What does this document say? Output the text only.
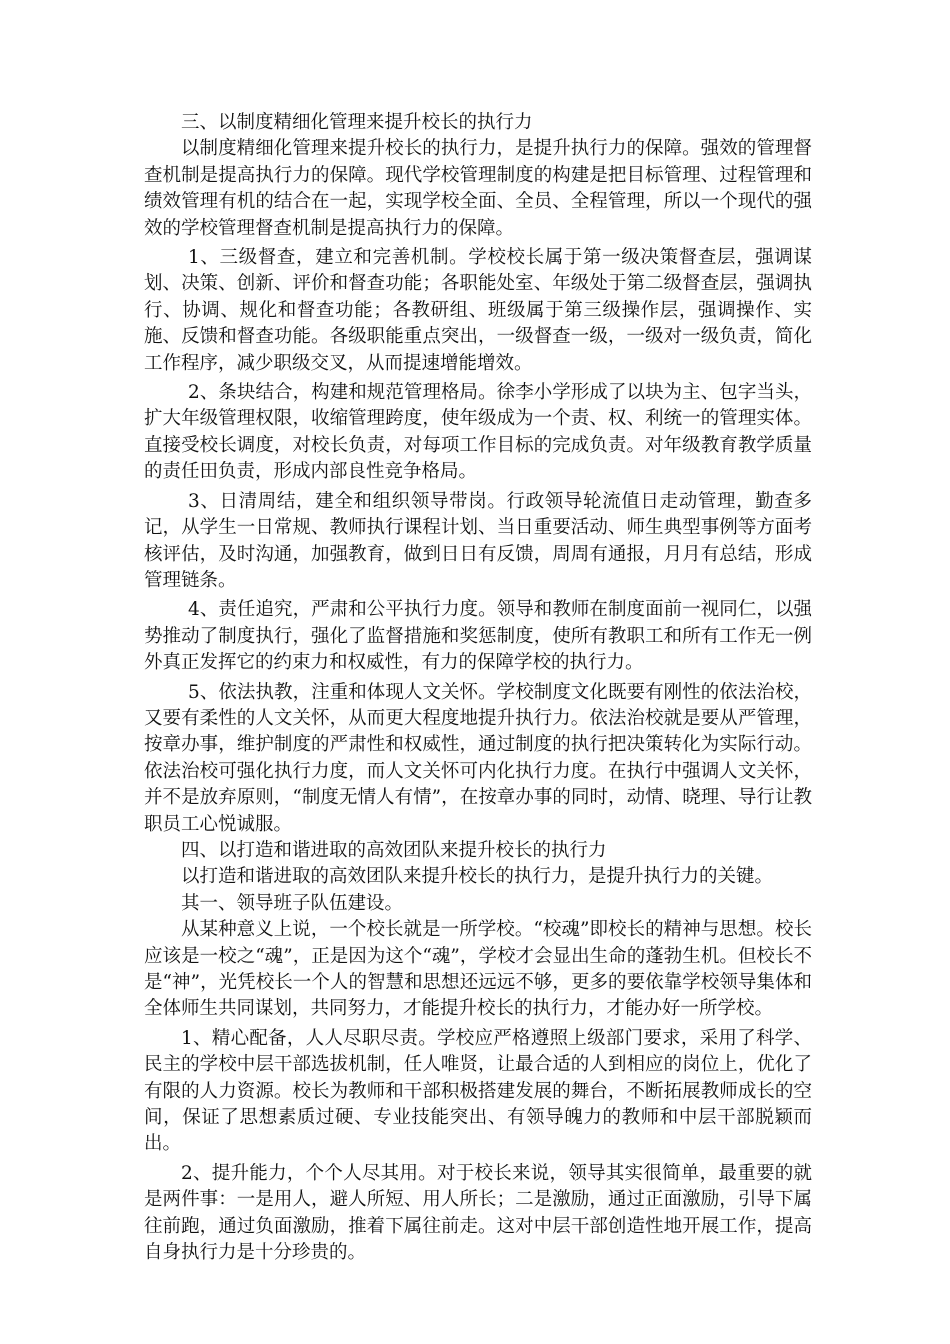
三、以制度精细化管理来提升校长的执行力

以制度精细化管理来提升校长的执行力，是提升执行力的保障。强效的管理督查机制是提高执行力的保障。现代学校管理制度的构建是把目标管理、过程管理和绩效管理有机的结合在一起，实现学校全面、全员、全程管理，所以一个现代的强效的学校管理督查机制是提高执行力的保障。

1、三级督查，建立和完善机制。学校校长属于第一级决策督查层，强调谋划、决策、创新、评价和督查功能；各职能处室、年级处于第二级督查层，强调执行、协调、规化和督查功能；各教研组、班级属于第三级操作层，强调操作、实施、反馈和督查功能。各级职能重点突出，一级督查一级，一级对一级负责，简化工作程序，减少职级交叉，从而提速增能增效。

2、条块结合，构建和规范管理格局。徐李小学形成了以块为主、包字当头，扩大年级管理权限，收缩管理跨度，使年级成为一个责、权、利统一的管理实体。直接受校长调度，对校长负责，对每项工作目标的完成负责。对年级教育教学质量的责任田负责，形成内部良性竞争格局。

3、日清周结，建全和组织领导带岗。行政领导轮流值日走动管理，勤查多记，从学生一日常规、教师执行课程计划、当日重要活动、师生典型事例等方面考核评估，及时沟通，加强教育，做到日日有反馈，周周有通报，月月有总结，形成管理链条。

4、责任追究，严肃和公平执行力度。领导和教师在制度面前一视同仁，以强势推动了制度执行，强化了监督措施和奖惩制度，使所有教职工和所有工作无一例外真正发挥它的约束力和权威性，有力的保障学校的执行力。

5、依法执教，注重和体现人文关怀。学校制度文化既要有刚性的依法治校，又要有柔性的人文关怀，从而更大程度地提升执行力。依法治校就是要从严管理，按章办事，维护制度的严肃性和权威性，通过制度的执行把决策转化为实际行动。依法治校可强化执行力度，而人文关怀可内化执行力度。在执行中强调人文关怀，并不是放弃原则，“制度无情人有情”，在按章办事的同时，动情、晓理、导行让教职员工心悦诚服。

四、以打造和谐进取的高效团队来提升校长的执行力

以打造和谐进取的高效团队来提升校长的执行力，是提升执行力的关键。

其一、领导班子队伍建设。

从某种意义上说，一个校长就是一所学校。“校魂”即校长的精神与思想。校长应该是一校之“魂”，正是因为这个“魂”，学校才会显出生命的蓬勃生机。但校长不是“神”，光凭校长一个人的智慧和思想还远远不够，更多的要依靠学校领导集体和全体师生共同谋划，共同努力，才能提升校长的执行力，才能办好一所学校。

1、精心配备，人人尽职尽责。学校应严格遵照上级部门要求，采用了科学、民主的学校中层干部选拔机制，任人唯贤，让最合适的人到相应的岗位上，优化了有限的人力资源。校长为教师和干部积极搭建发展的舞台，不断拓展教师成长的空间，保证了思想素质过硬、专业技能突出、有领导魄力的教师和中层干部脱颖而出。

2、提升能力，个个人尽其用。对于校长来说，领导其实很简单，最重要的就是两件事：一是用人，避人所短、用人所长；二是激励，通过正面激励，引导下属往前跑，通过负面激励，推着下属往前走。这对中层干部创造性地开展工作，提高自身执行力是十分珍贵的。
